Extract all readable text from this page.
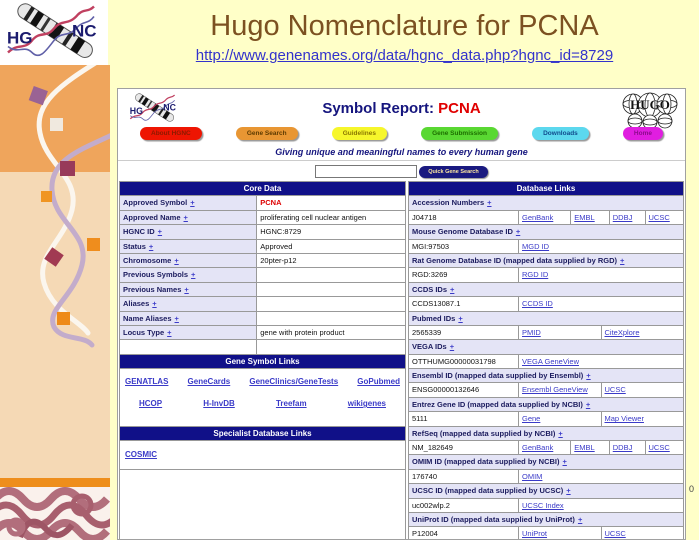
HG NC	Hugo Nomenclature for PCNA
http://www.genenames.org/data/hgnc_data.php?hgnc_id=8729
0
HG NC	Symbol Report: PCNA	HUGO
About HGNC	Gene Search	Guidelines	Gene Submission	Downloads	Home
Giving unique and meaningful names to every human gene
Quick Gene Search
Core Data
Approved Symbol +	PCNA
Approved Name +	proliferating cell nuclear antigen
HGNC ID +	HGNC:8729
Status +	Approved
Chromosome +	20pter-p12
Previous Symbols +
Previous Names +
Aliases +
Name Aliases +
Locus Type +	gene with protein product
Gene Symbol Links
GENATLAS GeneCards GeneClinics/GeneTests GoPubmed
HCOP	H-InvDB	Treefam	wikigenes
Specialist Database Links
COSMIC
Database Links
Accession Numbers +
J04718	GenBank	EMBL	DDBJ	UCSC
Mouse Genome Database ID +
MGI:97503	MGD ID
Rat Genome Database ID (mapped data supplied by RGD) +
RGD:3269	RGD ID
CCDS IDs +
CCDS13087.1	CCDS ID
Pubmed IDs +
2565339	PMID	CiteXplore
VEGA IDs +
OTTHUMG00000031798	VEGA GeneView
Ensembl ID (mapped data supplied by Ensembl) +
ENSG00000132646	Ensembl GeneView	UCSC
Entrez Gene ID (mapped data supplied by NCBI) +
5111	Gene	Map Viewer
RefSeq (mapped data supplied by NCBI) +
NM_182649	GenBank	EMBL	DDBJ	UCSC
OMIM ID (mapped data supplied by NCBI) +
176740	OMIM
UCSC ID (mapped data supplied by UCSC) +
uc002wlp.2	UCSC Index
UniProt ID (mapped data supplied by UniProt) +
P12004	UniProt	UCSC
